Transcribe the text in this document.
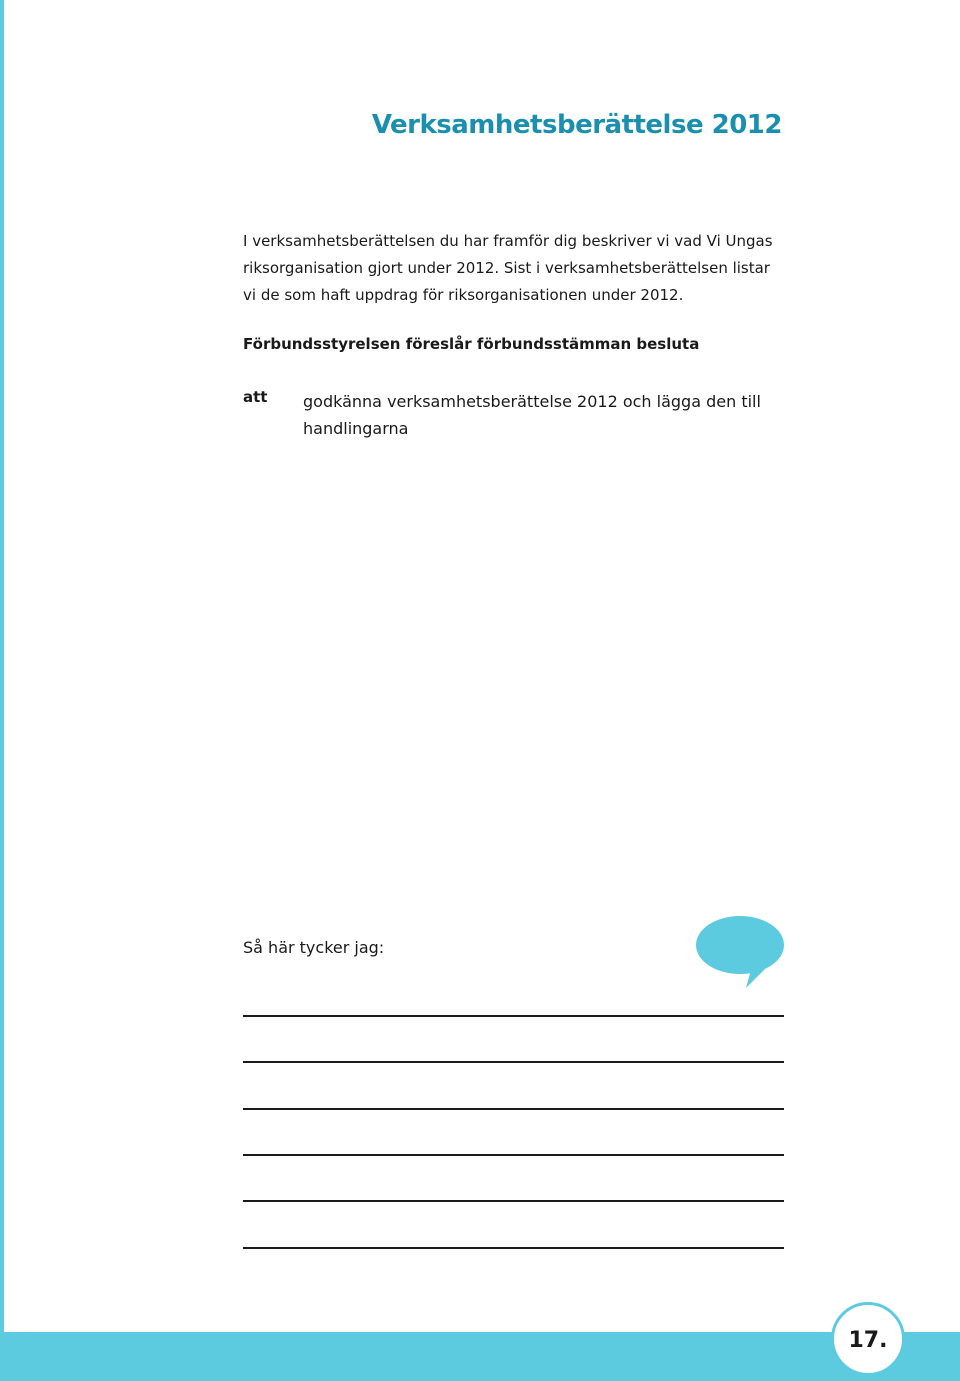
Verksamhetsberättelse 2012

I verksamhetsberättelsen du har framför dig beskriver vi vad Vi Ungas
riksorganisation gjort under 2012. Sist i verksamhetsberättelsen listar
vi de som haft uppdrag för riksorganisationen under 2012.

Förbundsstyrelsen föreslår förbundsstämman besluta

att godkänna verksamhetsberättelse 2012 och lägga den till
handlingarna

Så här tycker jag:

17.
